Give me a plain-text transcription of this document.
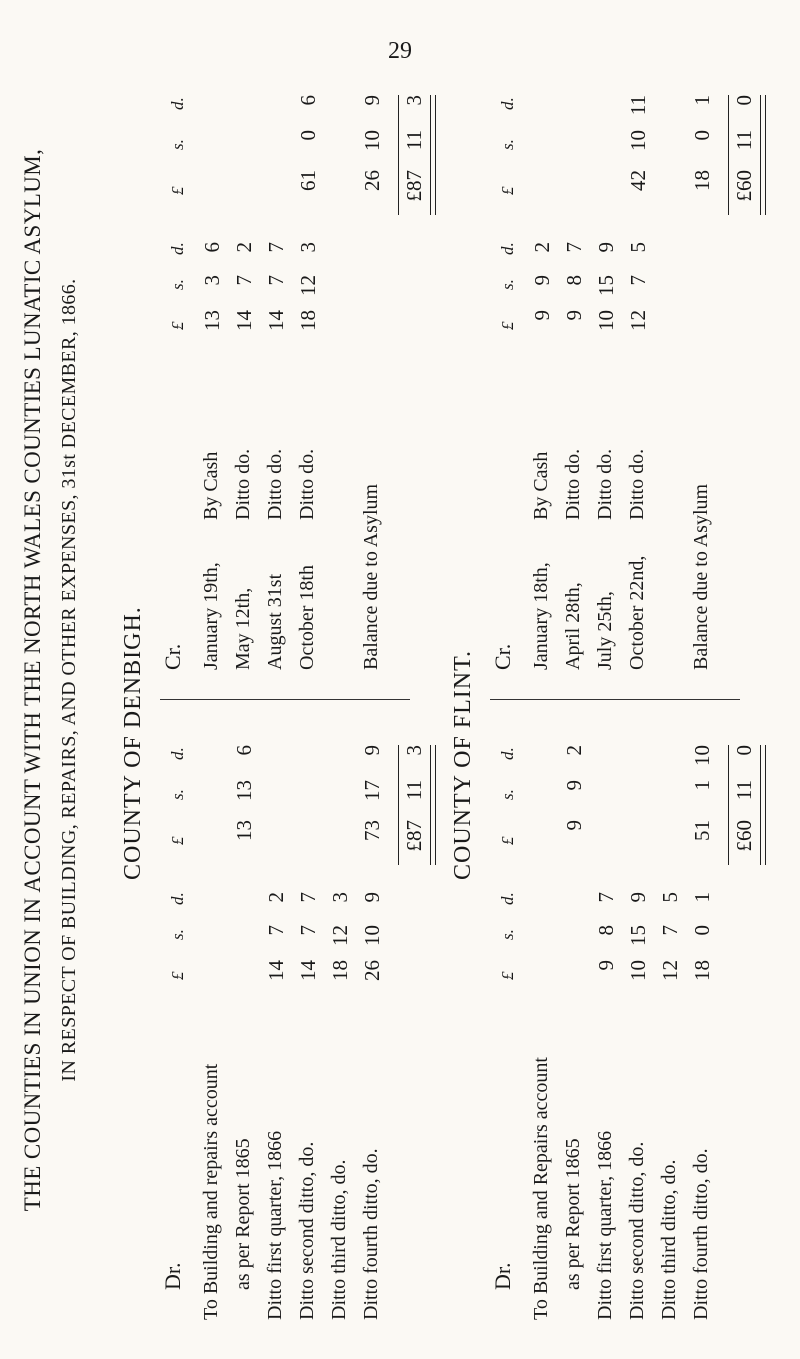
29
THE COUNTIES IN UNION IN ACCOUNT WITH THE NORTH WALES COUNTIES LUNATIC ASYLUM, IN RESPECT OF BUILDING, REPAIRS, AND OTHER EXPENSES, 31st DECEMBER, 1866. COUNTY OF DENBIGH.
Dr.
Cr.
To Building and repairs account as per Report 1865 Ditto first quarter, 1866 Ditto second ditto, do. Ditto third ditto, do. Ditto fourth ditto, do.
£
s.
d.
14
7
2
14
7
7
18
12
3
26
10
9
£
s.
d.
13
13
6
73
17
9
£87
11
3
January 19th,
By Cash
May 12th,
Ditto do.
August 31st
Ditto do.
October 18th
Ditto do. Balance due to Asylum
£
s.
d.
13
3
6
14
7
2
14
7
7
18
12
3
£
s.
d.
61
0
6
26
10
9
£87
11
3
COUNTY OF FLINT.
Dr.
Cr.
To Building and Repairs account as per Report 1865 Ditto first quarter, 1866 Ditto second ditto, do. Ditto third ditto, do. Ditto fourth ditto, do.
£
s.
d.
9
8
7
10
15
9
12
7
5
18
0
1
£
s.
d.
9
9
2
51
1
10
£60
11
0
January 18th,
By Cash
April 28th,
Ditto do.
July 25th,
Ditto do.
October 22nd,
Ditto do. Balance due to Asylum
£
s.
d.
9
9
2
9
8
7
10
15
9
12
7
5
£
s.
d.
42
10
11
18
0
1
£60
11
0
